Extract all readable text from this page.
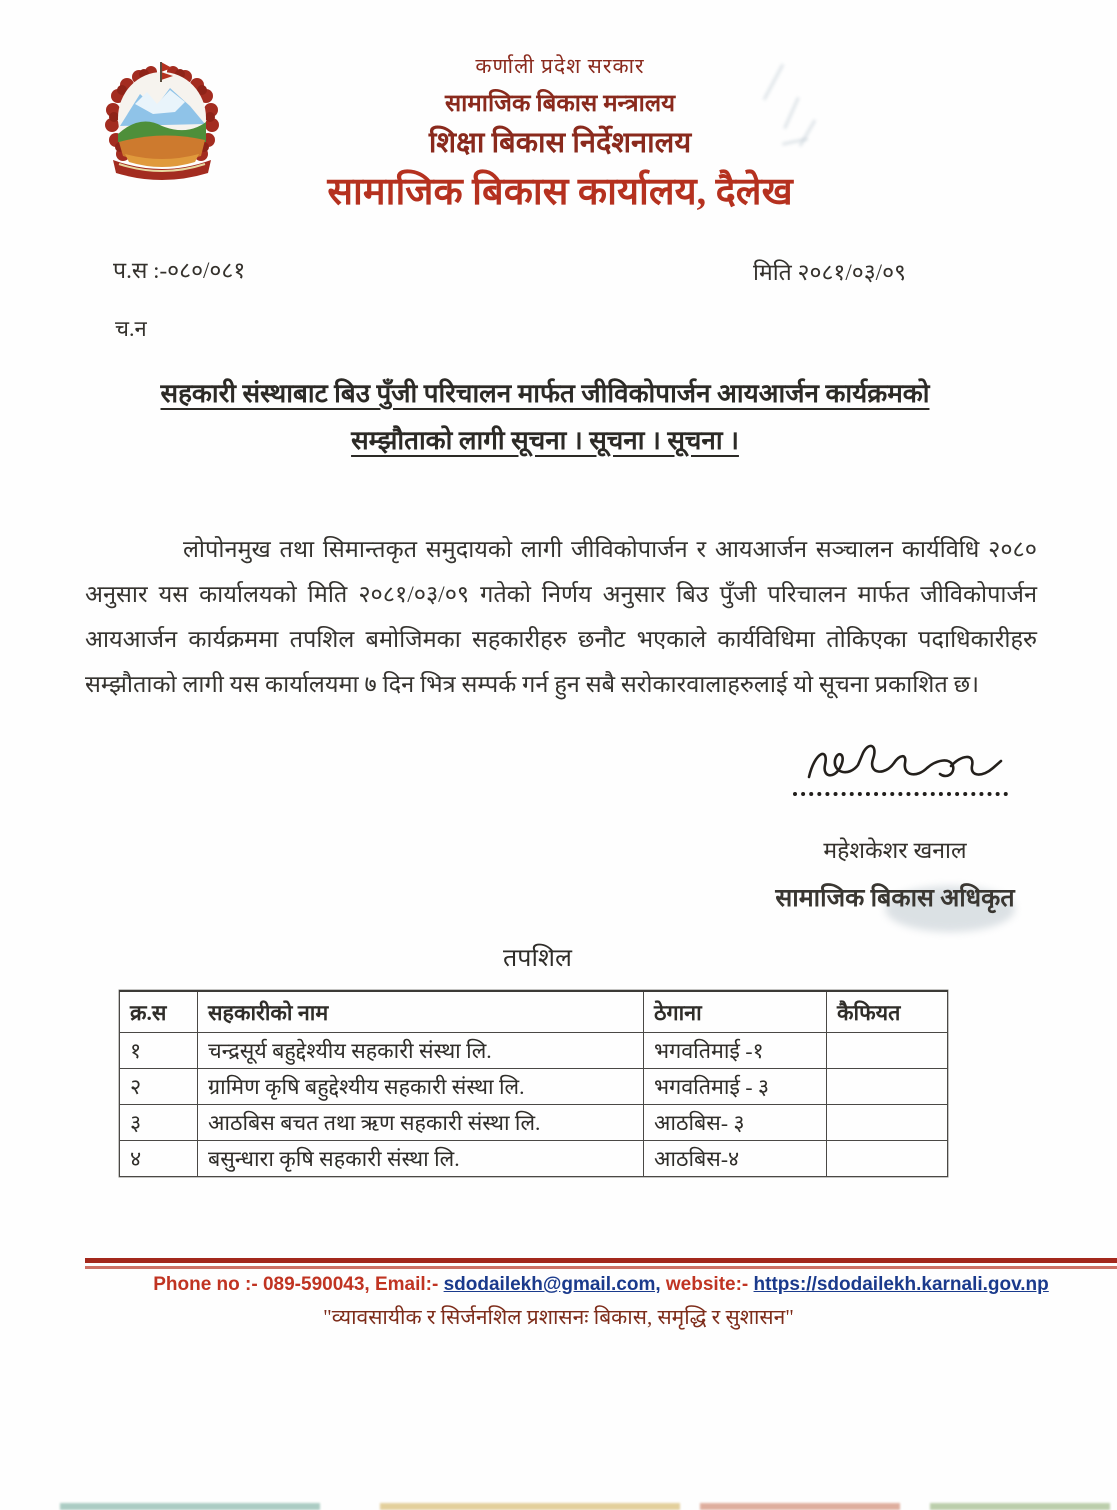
कर्णाली प्रदेश सरकार
सामाजिक बिकास मन्त्रालय
शिक्षा बिकास निर्देशनालय
सामाजिक बिकास कार्यालय, दैलेख
प.स :-०८०/०८१	मिति २०८१/०३/०९
च.न
सहकारी संस्थाबाट बिउ पुँजी परिचालन मार्फत जीविकोपार्जन आयआर्जन कार्यक्रमको
सम्झौताको लागी सूचना । सूचना । सूचना ।
लोपोनमुख तथा सिमान्तकृत समुदायको लागी जीविकोपार्जन र आयआर्जन सञ्चालन कार्यविधि २०८० अनुसार यस कार्यालयको मिति २०८१/०३/०९ गतेको निर्णय अनुसार बिउ पुँजी परिचालन मार्फत जीविकोपार्जन आयआर्जन कार्यक्रममा तपशिल बमोजिमका सहकारीहरु छनौट भएकाले कार्यविधिमा तोकिएका पदाधिकारीहरु सम्झौताको लागी यस कार्यालयमा ७ दिन भित्र सम्पर्क गर्न हुन सबै सरोकारवालाहरुलाई यो सूचना प्रकाशित छ।
महेशकेशर खनाल
सामाजिक बिकास अधिकृत
तपशिल
क्र.स	सहकारीको नाम	ठेगाना	कैफियत
१	चन्द्रसूर्य बहुद्देश्यीय सहकारी संस्था लि.	भगवतिमाई -१	
२	ग्रामिण कृषि बहुद्देश्यीय सहकारी संस्था लि.	भगवतिमाई - ३	
३	आठबिस बचत तथा ऋण सहकारी संस्था लि.	आठबिस- ३	
४	बसुन्धारा कृषि सहकारी संस्था लि.	आठबिस-४	
Phone no :- 089-590043, Email:- sdodailekh@gmail.com, website:- https://sdodailekh.karnali.gov.np
"व्यावसायीक र सिर्जनशिल प्रशासनः बिकास, समृद्धि र सुशासन"
